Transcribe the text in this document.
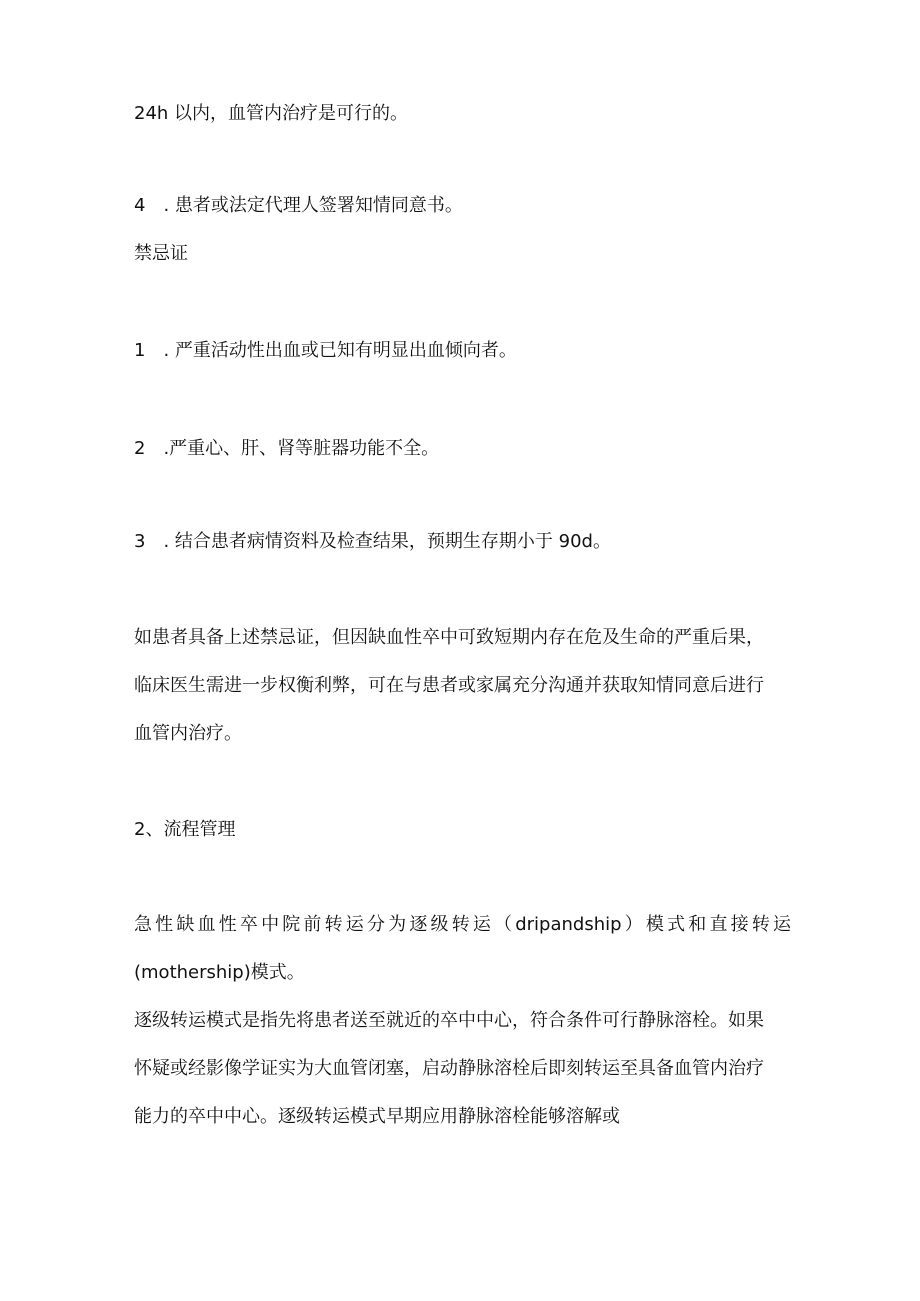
24h 以内，血管内治疗是可行的。

4　. 患者或法定代理人签署知情同意书。

禁忌证

1　. 严重活动性出血或已知有明显出血倾向者。

2　.严重心、肝、肾等脏器功能不全。

3　. 结合患者病情资料及检查结果，预期生存期小于 90d。

如患者具备上述禁忌证，但因缺血性卒中可致短期内存在危及生命的严重后果，

临床医生需进一步权衡利弊，可在与患者或家属充分沟通并获取知情同意后进行

血管内治疗。

2、流程管理

急性缺血性卒中院前转运分为逐级转运（dripandship）模式和直接转运

(mothership)模式。

逐级转运模式是指先将患者送至就近的卒中中心，符合条件可行静脉溶栓。如果

怀疑或经影像学证实为大血管闭塞，启动静脉溶栓后即刻转运至具备血管内治疗

能力的卒中中心。逐级转运模式早期应用静脉溶栓能够溶解或
